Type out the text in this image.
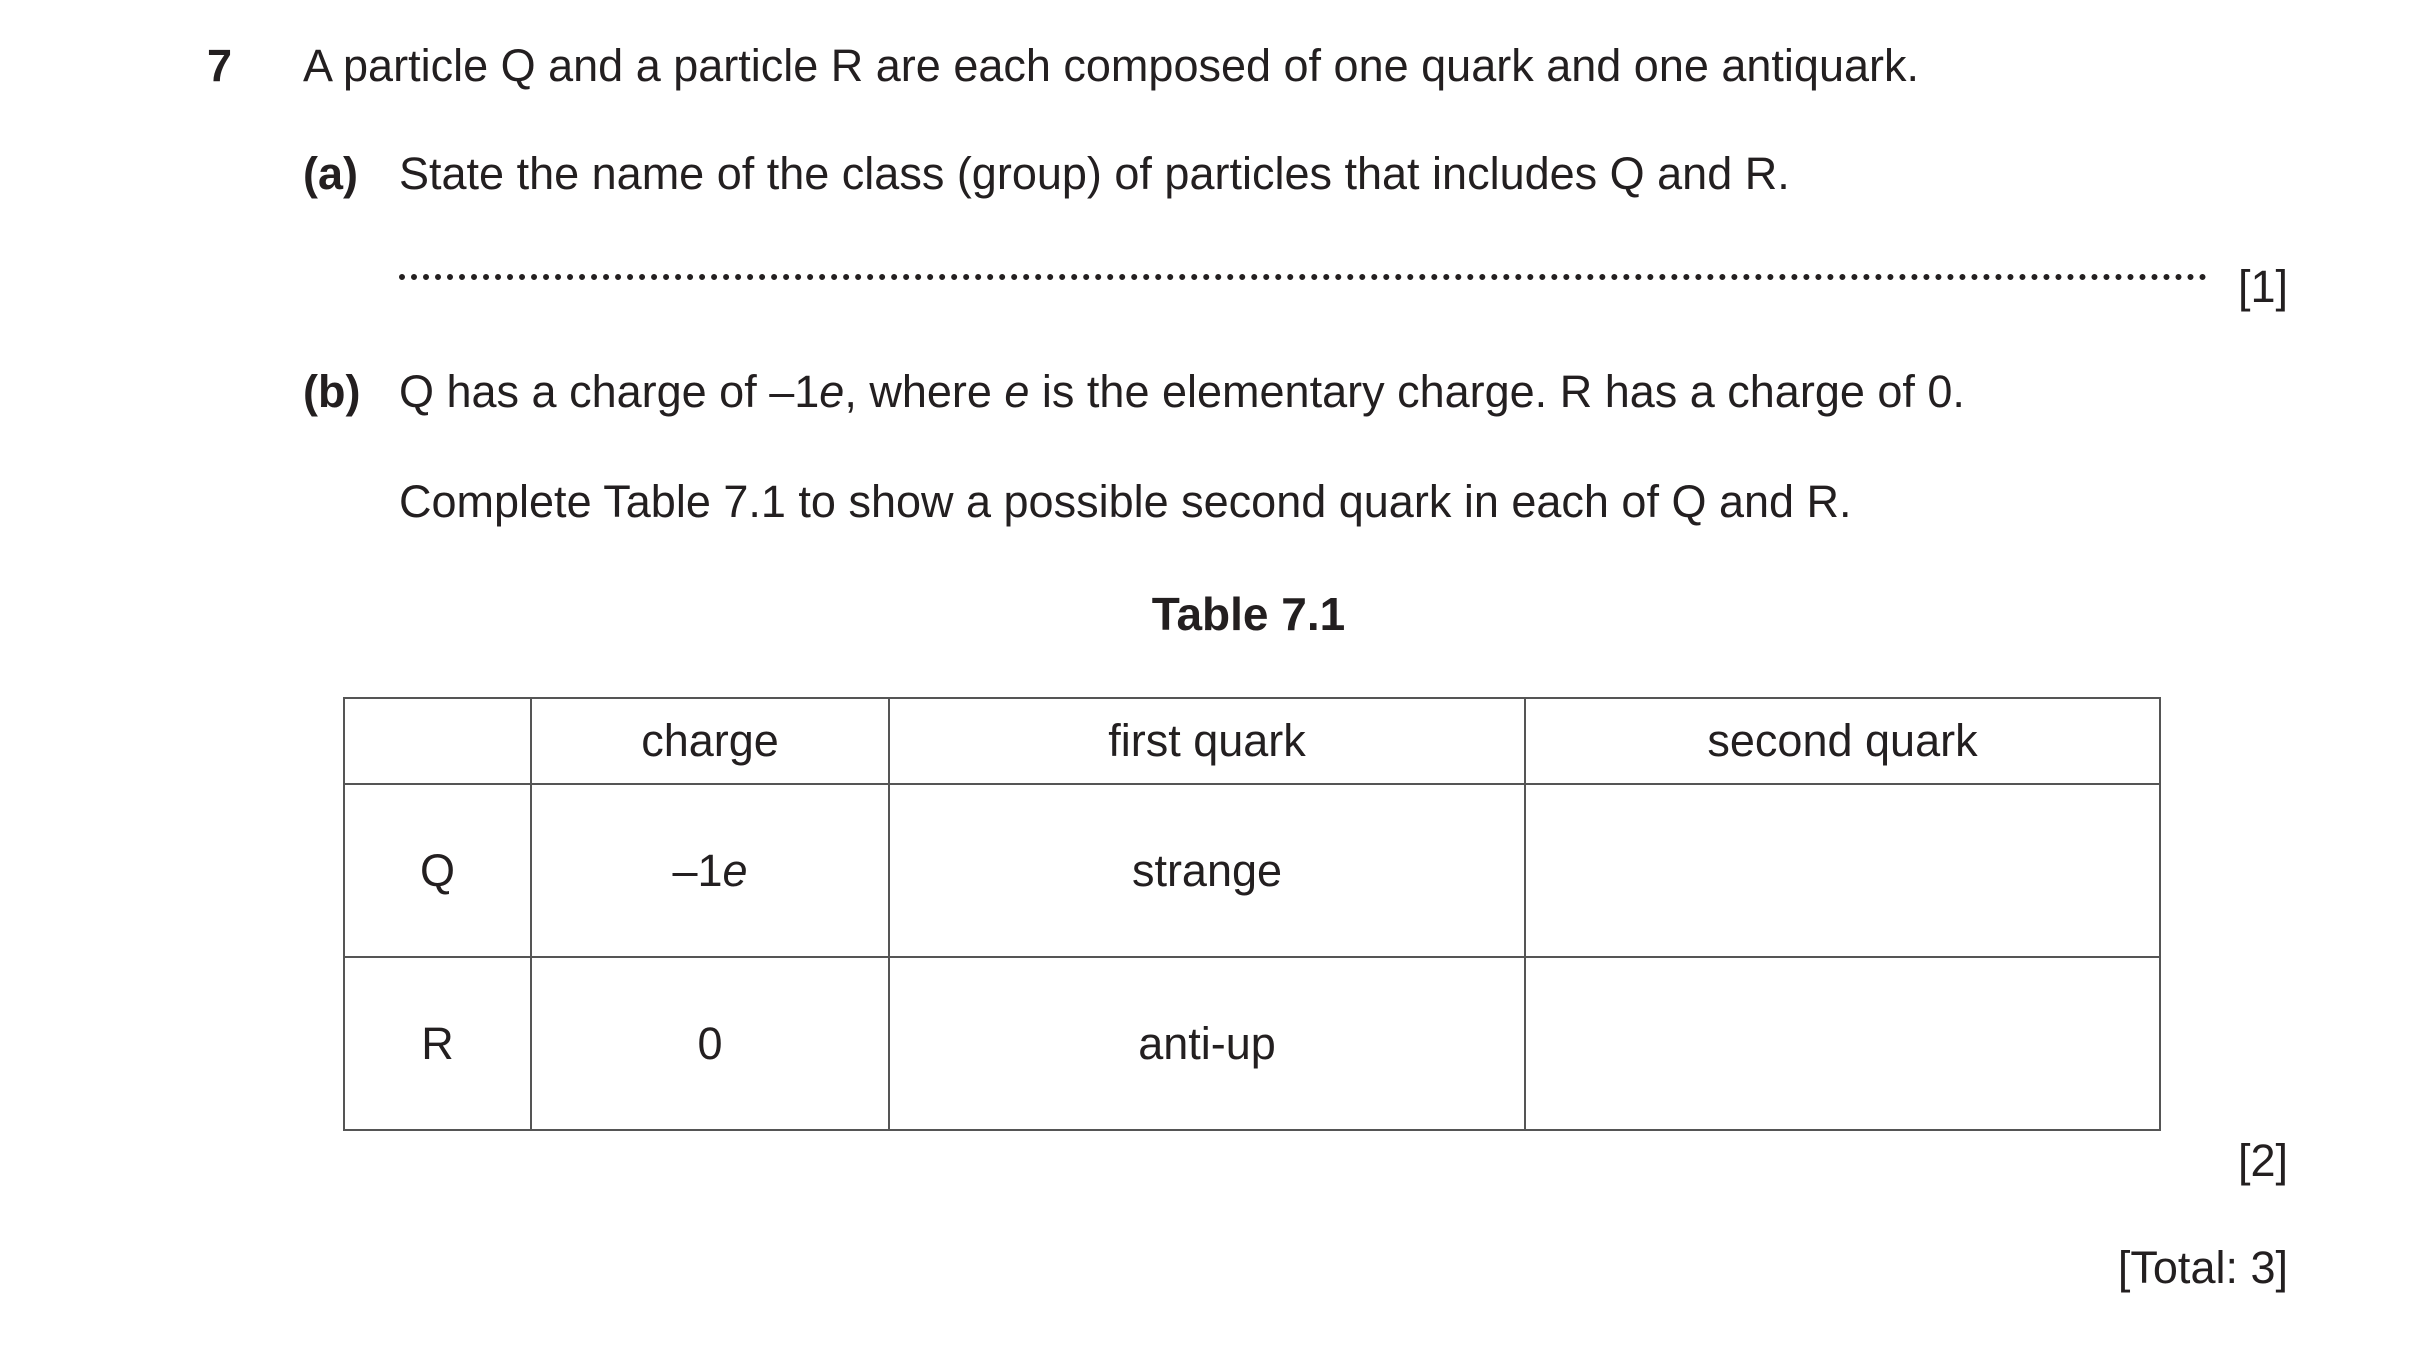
7 A particle Q and a particle R are each composed of one quark and one antiquark.
(a) State the name of the class (group) of particles that includes Q and R.
[1]
(b) Q has a charge of –1e, where e is the elementary charge. R has a charge of 0.
Complete Table 7.1 to show a possible second quark in each of Q and R.
Table 7.1
	charge	first quark	second quark
Q	–1e	strange	
R	0	anti-up	
[2]
[Total: 3]
